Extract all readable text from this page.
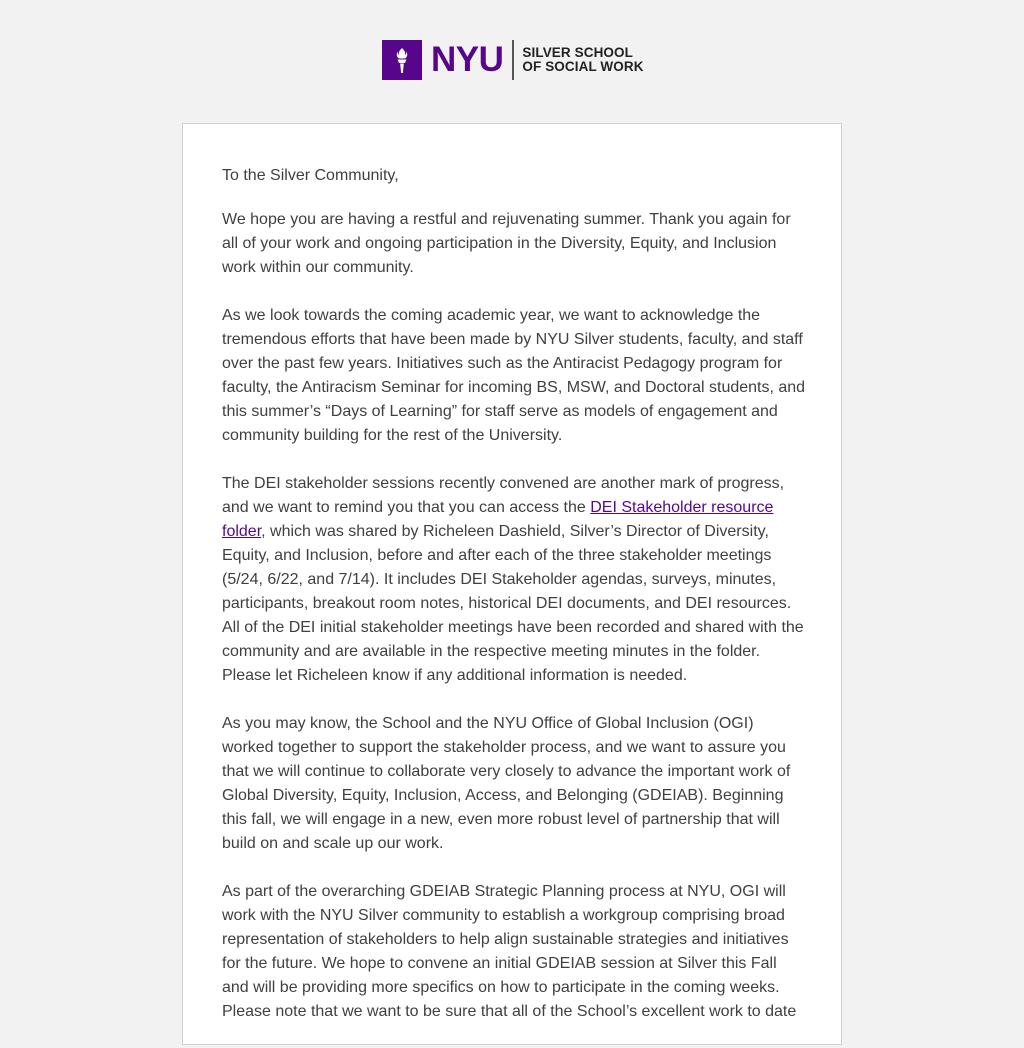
NYU SILVER SCHOOL
OF SOCIAL WORK

To the Silver Community,

We hope you are having a restful and rejuvenating summer. Thank you again for all of your work and ongoing participation in the Diversity, Equity, and Inclusion work within our community.

As we look towards the coming academic year, we want to acknowledge the tremendous efforts that have been made by NYU Silver students, faculty, and staff over the past few years. Initiatives such as the Antiracist Pedagogy program for faculty, the Antiracism Seminar for incoming BS, MSW, and Doctoral students, and this summer’s “Days of Learning” for staff serve as models of engagement and community building for the rest of the University.

The DEI stakeholder sessions recently convened are another mark of progress, and we want to remind you that you can access the DEI Stakeholder resource folder, which was shared by Richeleen Dashield, Silver’s Director of Diversity, Equity, and Inclusion, before and after each of the three stakeholder meetings (5/24, 6/22, and 7/14). It includes DEI Stakeholder agendas, surveys, minutes, participants, breakout room notes, historical DEI documents, and DEI resources. All of the DEI initial stakeholder meetings have been recorded and shared with the community and are available in the respective meeting minutes in the folder. Please let Richeleen know if any additional information is needed.

As you may know, the School and the NYU Office of Global Inclusion (OGI) worked together to support the stakeholder process, and we want to assure you that we will continue to collaborate very closely to advance the important work of Global Diversity, Equity, Inclusion, Access, and Belonging (GDEIAB). Beginning this fall, we will engage in a new, even more robust level of partnership that will build on and scale up our work.

As part of the overarching GDEIAB Strategic Planning process at NYU, OGI will work with the NYU Silver community to establish a workgroup comprising broad representation of stakeholders to help align sustainable strategies and initiatives for the future. We hope to convene an initial GDEIAB session at Silver this Fall and will be providing more specifics on how to participate in the coming weeks. Please note that we want to be sure that all of the School’s excellent work to date
